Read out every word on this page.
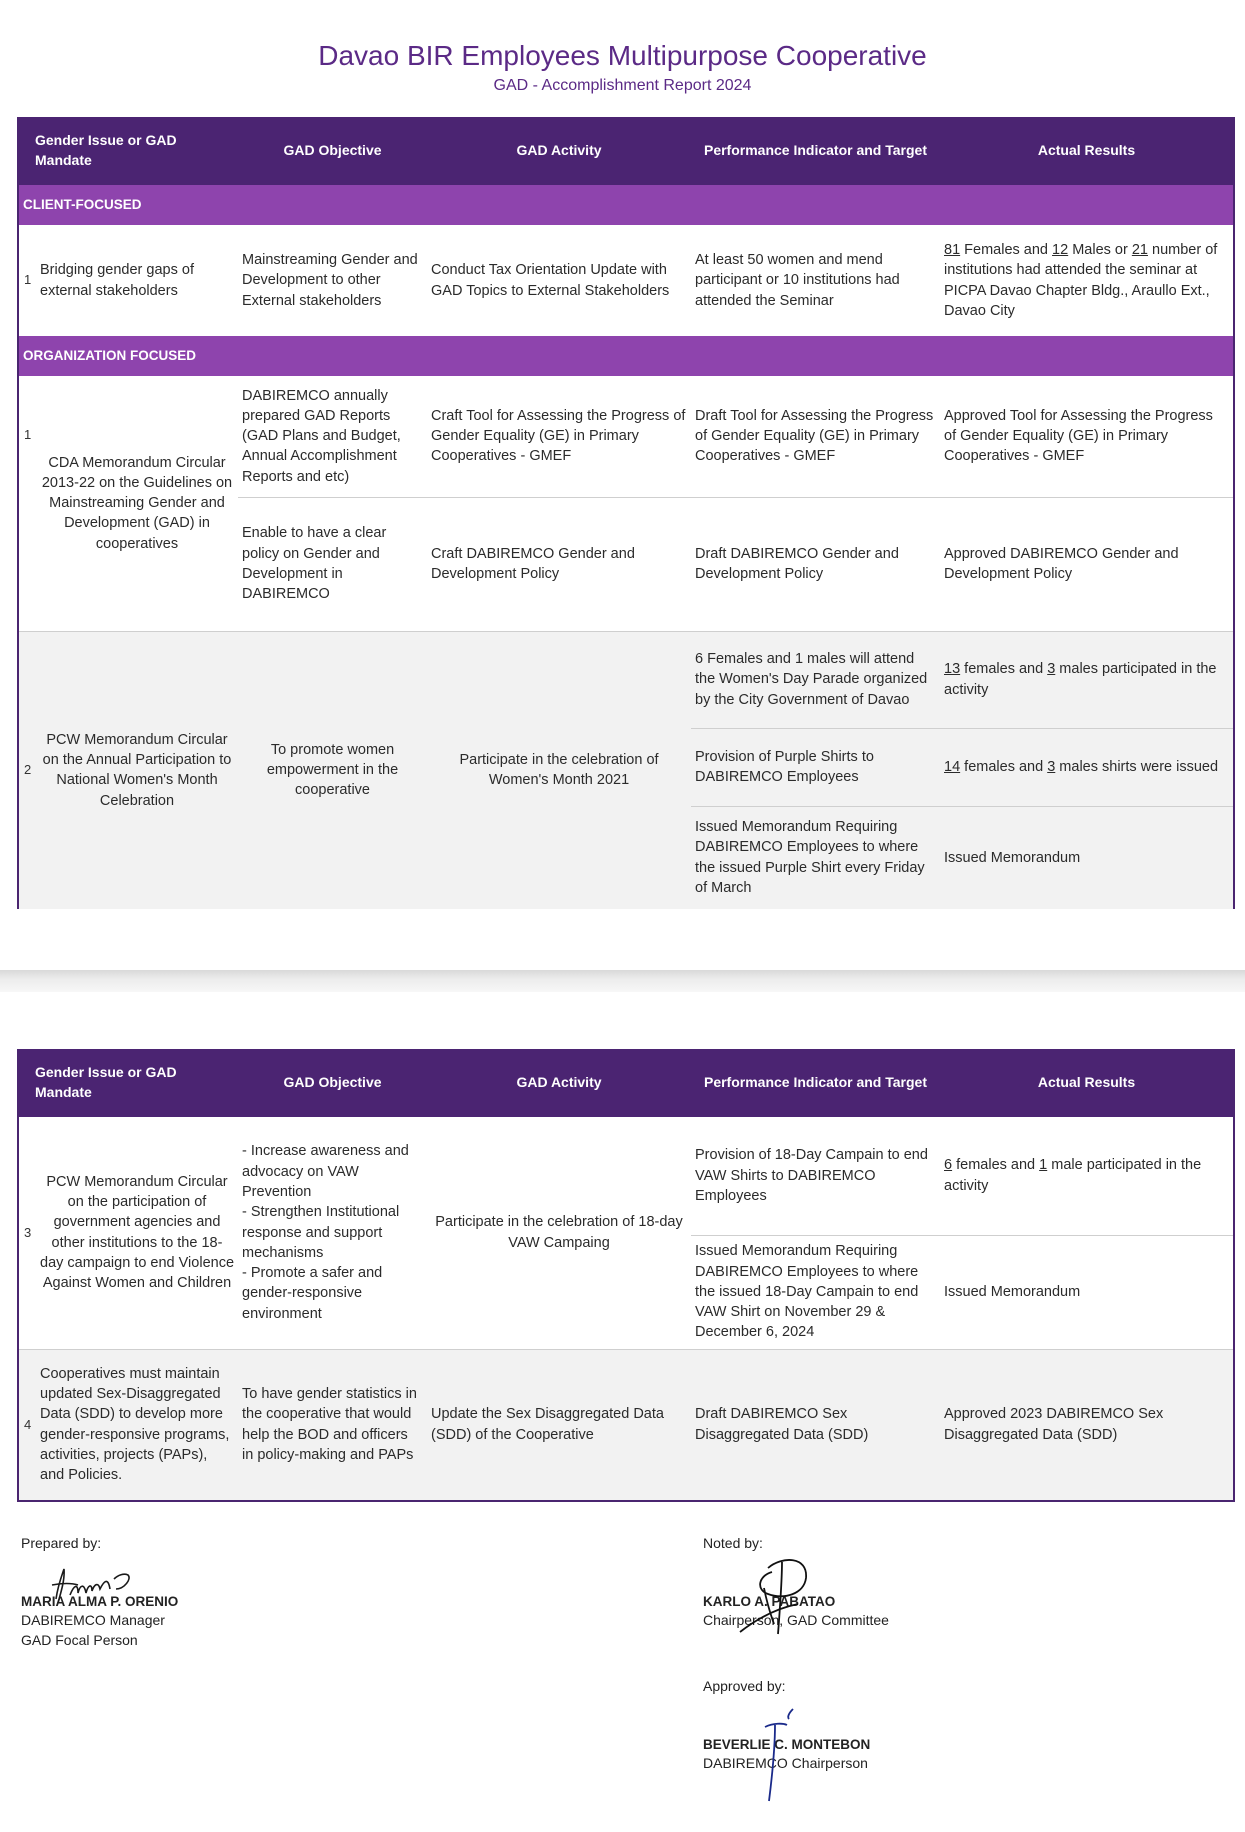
Davao BIR Employees Multipurpose Cooperative
GAD - Accomplishment Report 2024
Gender Issue or GAD Mandate		GAD Objective	GAD Activity	Performance Indicator and Target	Actual Results
CLIENT-FOCUSED					
1	Bridging gender gaps of external stakeholders	Mainstreaming Gender and Development to other External stakeholders	Conduct Tax Orientation Update with GAD Topics to External Stakeholders	At least 50 women and mend participant or 10 institutions had attended the Seminar	81 Females and 12 Males or 21 number of institutions had attended the seminar at PICPA Davao Chapter Bldg., Araullo Ext., Davao City
ORGANIZATION FOCUSED					
1	CDA Memorandum Circular 2013-22 on the Guidelines on Mainstreaming Gender and Development (GAD) in cooperatives	DABIREMCO annually prepared GAD Reports (GAD Plans and Budget, Annual Accomplishment Reports and etc)	Craft Tool for Assessing the Progress of Gender Equality (GE) in Primary Cooperatives - GMEF	Draft Tool for Assessing the Progress of Gender Equality (GE) in Primary Cooperatives - GMEF	Approved Tool for Assessing the Progress of Gender Equality (GE) in Primary Cooperatives - GMEF
		Enable to have a clear policy on Gender and Development in DABIREMCO	Craft DABIREMCO Gender and Development Policy	Draft DABIREMCO Gender and Development Policy	Approved DABIREMCO Gender and Development Policy
2	PCW Memorandum Circular on the Annual Participation to National Women's Month Celebration	To promote women empowerment in the cooperative	Participate in the celebration of Women's Month 2021	6 Females and 1 males will attend the Women's Day Parade organized by the City Government of Davao	13 females and 3 males participated in the activity
				Provision of Purple Shirts to DABIREMCO Employees	14 females and 3 males shirts were issued
				Issued Memorandum Requiring DABIREMCO Employees to where the issued Purple Shirt every Friday of March	Issued Memorandum
Gender Issue or GAD Mandate		GAD Objective	GAD Activity	Performance Indicator and Target	Actual Results
3	PCW Memorandum Circular on the participation of government agencies and other institutions to the 18-day campaign to end Violence Against Women and Children	- Increase awareness and advocacy on VAW Prevention
- Strengthen Institutional response and support mechanisms
- Promote a safer and gender-responsive environment	Participate in the celebration of 18-day VAW Campaing	Provision of 18-Day Campain to end VAW Shirts to DABIREMCO Employees	6 females and 1 male participated in the activity
				Issued Memorandum Requiring DABIREMCO Employees to where the issued 18-Day Campain to end VAW Shirt on November 29 & December 6, 2024	Issued Memorandum
4	Cooperatives must maintain updated Sex-Disaggregated Data (SDD) to develop more gender-responsive programs, activities, projects (PAPs), and Policies.	To have gender statistics in the cooperative that would help the BOD and officers in policy-making and PAPs	Update the Sex Disaggregated Data (SDD) of the Cooperative	Draft DABIREMCO Sex Disaggregated Data (SDD)	Approved 2023 DABIREMCO Sex Disaggregated Data (SDD)
Prepared by:
MARIA ALMA P. ORENIO
DABIREMCO Manager
GAD Focal Person
Noted by:
KARLO A. PABATAO
Chairperson, GAD Committee
Approved by:
BEVERLIE C. MONTEBON
DABIREMCO Chairperson
